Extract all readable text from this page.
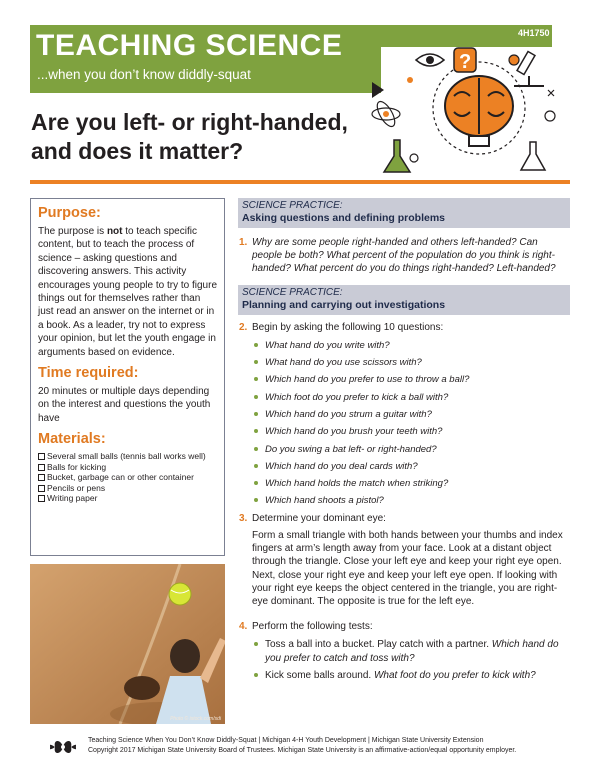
4H1750
TEACHING SCIENCE
...when you don’t know diddly-squat
Are you left- or right-handed,
and does it matter?
?
Purpose:

The purpose is not to teach specific content, but to teach the process of science – asking questions and discovering answers. This activity encourages young people to try to figure things out for themselves rather than just read an answer on the internet or in a book. As a leader, try not to express your opinion, but let the youth engage in arguments based on evidence.

Time required:

20 minutes or multiple days depending on the interest and questions the youth have

Materials:
Several small balls (tennis ball works well)
Balls for kicking
Bucket, garbage can or other container
Pencils or pens
Writing paper
Photo © istock.com/sdi
SCIENCE PRACTICE:
Asking questions and defining problems
1. Why are some people right-handed and others left-handed? Can people be both? What percent of the population do you think is right-handed? What percent do you do things right-handed? Left-handed?
SCIENCE PRACTICE:
Planning and carrying out investigations
2. Begin by asking the following 10 questions:
What hand do you write with?
What hand do you use scissors with?
Which hand do you prefer to use to throw a ball?
Which foot do you prefer to kick a ball with?
Which hand do you strum a guitar with?
Which hand do you brush your teeth with?
Do you swing a bat left- or right-handed?
Which hand do you deal cards with?
Which hand holds the match when striking?
Which hand shoots a pistol?
3. Determine your dominant eye:
Form a small triangle with both hands between your thumbs and index fingers at arm’s length away from your face. Look at a distant object through the triangle. Close your left eye and keep your right eye open. Next, close your right eye and keep your left eye open. If looking with your right eye keeps the object centered in the triangle, you are right-eye dominant. The opposite is true for the left eye.
4. Perform the following tests:
Toss a ball into a bucket. Play catch with a partner. Which hand do you prefer to catch and toss with?
Kick some balls around. What foot do you prefer to kick with?
Teaching Science When You Don’t Know Diddly-Squat | Michigan 4-H Youth Development | Michigan State University Extension
Copyright 2017 Michigan State University Board of Trustees. Michigan State University is an affirmative-action/equal opportunity employer.
